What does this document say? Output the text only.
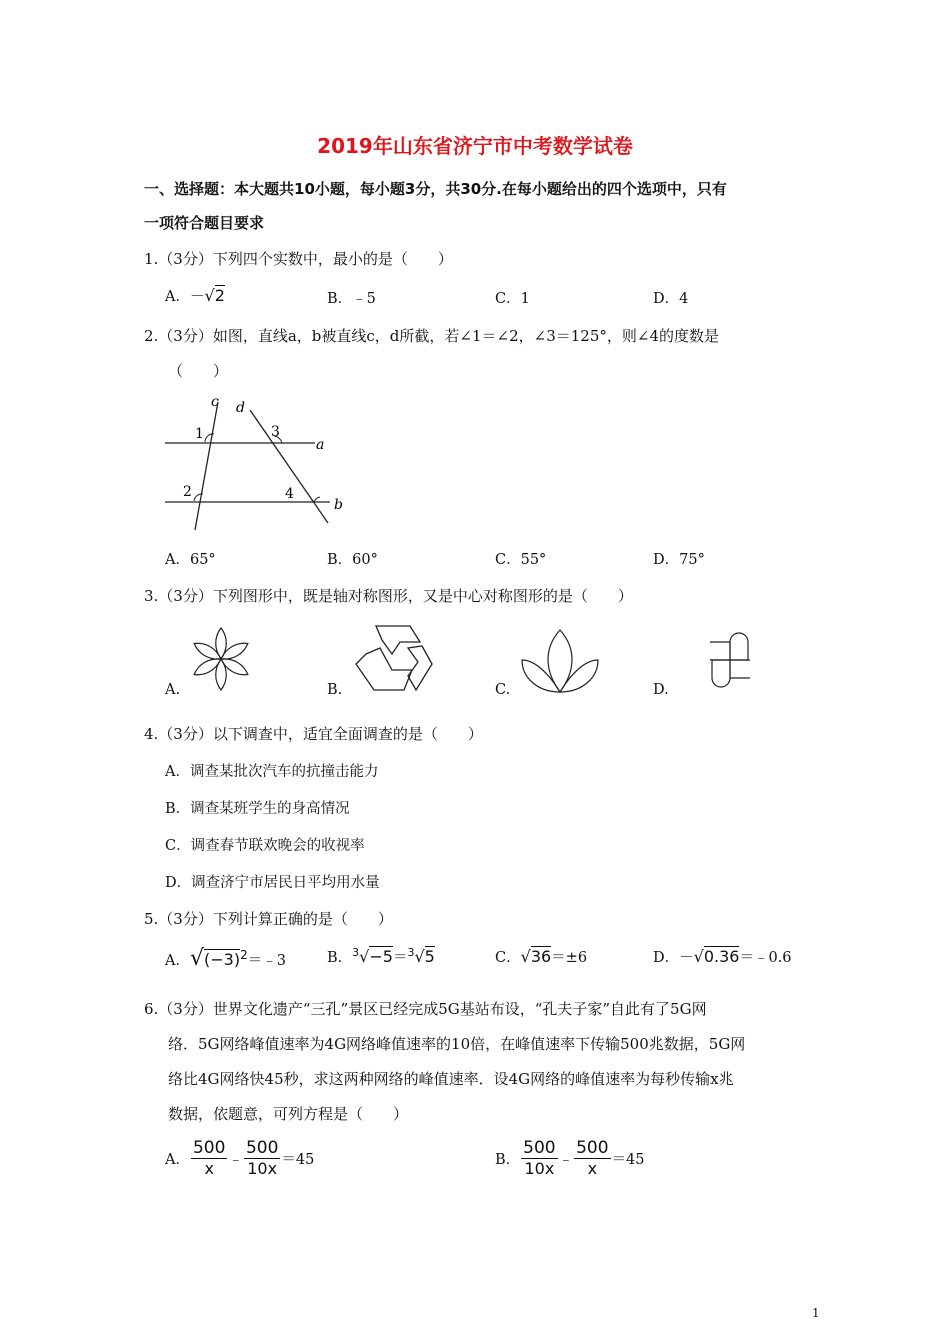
2019年山东省济宁市中考数学试卷
一、选择题：本大题共10小题，每小题3分，共30分.在每小题给出的四个选项中，只有
一项符合题目要求
1.（3分）下列四个实数中，最小的是（　　）
A．－√2	B．﹣5	C．1	D．4
2.（3分）如图，直线a，b被直线c，d所截，若∠1＝∠2，∠3＝125°，则∠4的度数是
（　　）
c d
a
b
1
2
3
4
A．65°	B．60°	C．55°	D．75°
3.（3分）下列图形中，既是轴对称图形，又是中心对称图形的是（　　）
A.	B.	C.	D.
4.（3分）以下调查中，适宜全面调查的是（　　）
A．调查某批次汽车的抗撞击能力
B．调查某班学生的身高情况
C．调查春节联欢晚会的收视率
D．调查济宁市居民日平均用水量
5.（3分）下列计算正确的是（　　）
A．$√(-3)^2=﹣3$	B．$^3$√−5＝$^3$√5	C．√36＝±6	D．－√0.36＝﹣0.6
6.（3分）世界文化遗产“三孔”景区已经完成5G基站布设，“孔夫子家”自此有了5G网
络．5G网络峰值速率为4G网络峰值速率的10倍，在峰值速率下传输500兆数据，5G网
络比4G网络快45秒，求这两种网络的峰值速率．设4G网络的峰值速率为每秒传输x兆
数据，依题意，可列方程是（　　）
A． $\frac{500}{x}$ ﹣ $\frac{500}{10x} =45$	B． $\frac{500}{10x}$ ﹣ $\frac{500}{x} =45$
1
